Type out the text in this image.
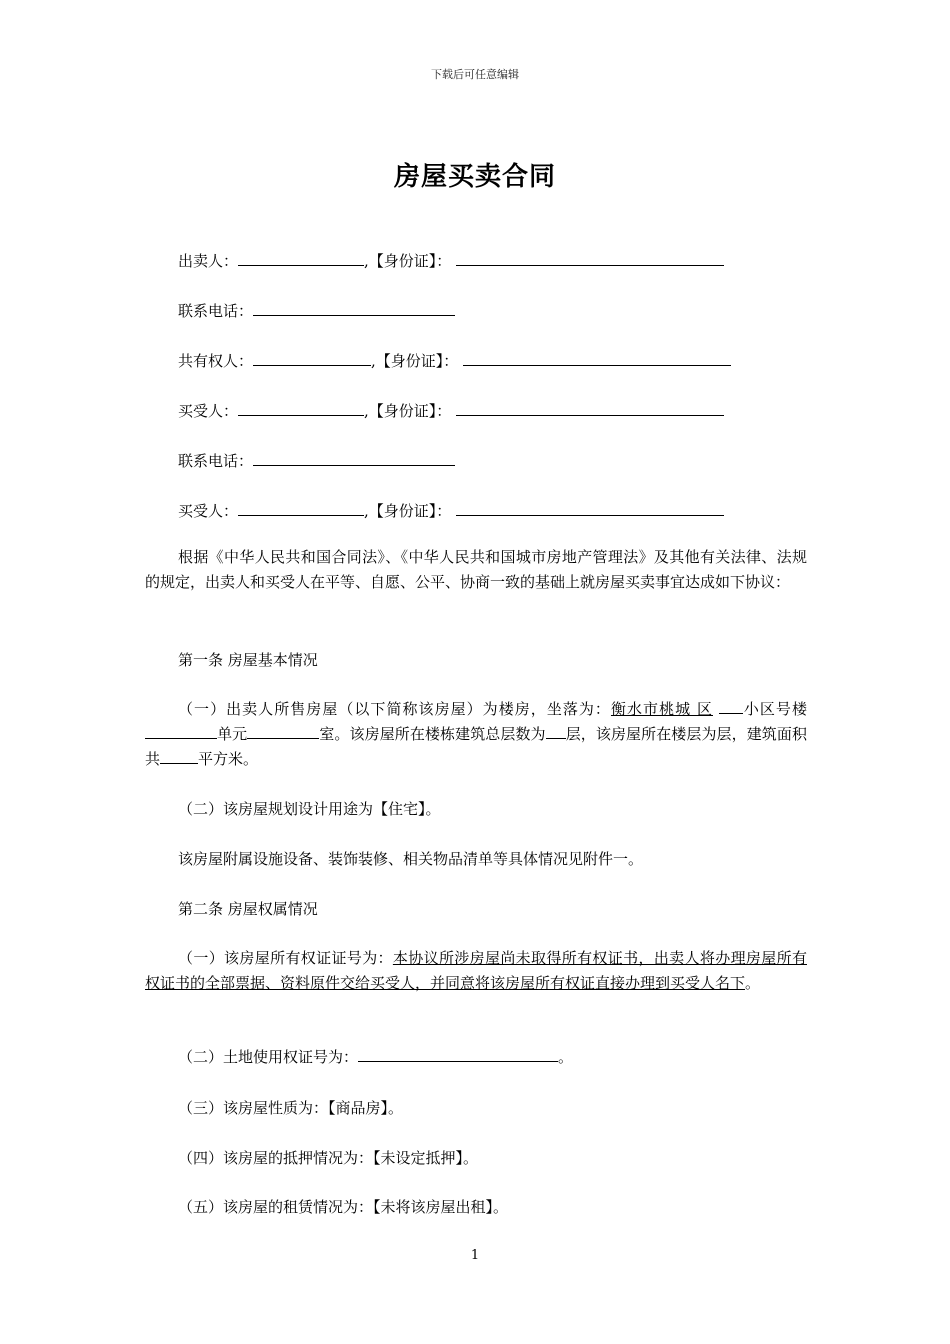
下载后可任意编辑
房屋买卖合同
出卖人：	,【身份证】：
联系电话：
共有权人：	,【身份证】：
买受人：	,【身份证】：
联系电话：
买受人：	,【身份证】：
根据《中华人民共和国合同法》、《中华人民共和国城市房地产管理法》及其他有关法律、法规的规定，出卖人和买受人在平等、自愿、公平、协商一致的基础上就房屋买卖事宜达成如下协议：
第一条 房屋基本情况
（一）出卖人所售房屋（以下简称该房屋）为楼房，坐落为：衡水市桃城 区 小区号楼单元	室。该房屋所在楼栋建筑总层数为 层，该房屋所在楼层为层，建筑面积共	平方米。
（二）该房屋规划设计用途为【住宅】。
该房屋附属设施设备、装饰装修、相关物品清单等具体情况见附件一。
第二条 房屋权属情况
（一）该房屋所有权证证号为：本协议所涉房屋尚未取得所有权证书，出卖人将办理房屋所有权证书的全部票据、资料原件交给买受人，并同意将该房屋所有权证直接办理到买受人名下。
（二）土地使用权证号为：	。
（三）该房屋性质为：【商品房】。
（四）该房屋的抵押情况为：【未设定抵押】。
（五）该房屋的租赁情况为：【未将该房屋出租】。
1
